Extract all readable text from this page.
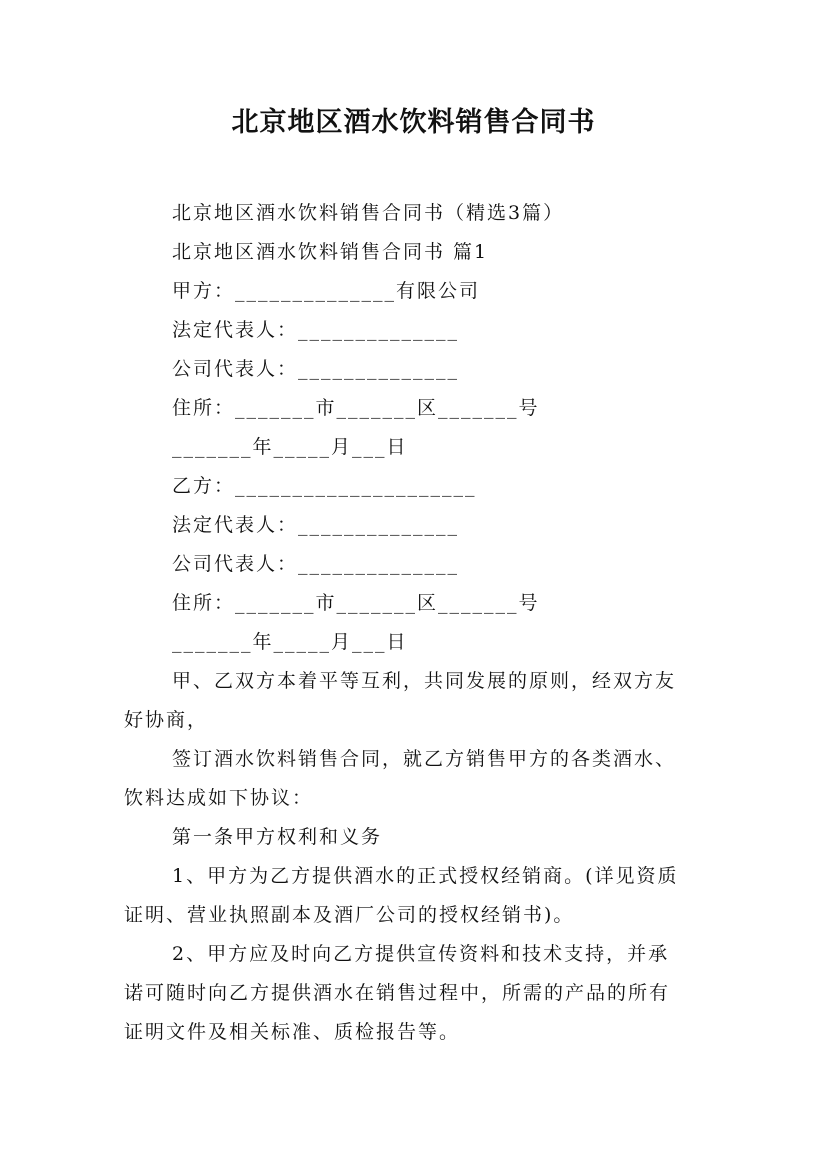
北京地区酒水饮料销售合同书
北京地区酒水饮料销售合同书（精选3篇）
北京地区酒水饮料销售合同书 篇1
甲方：______________有限公司
法定代表人：______________
公司代表人：______________
住所：_______市_______区_______号
_______年_____月___日
乙方：_____________________
法定代表人：______________
公司代表人：______________
住所：_______市_______区_______号
_______年_____月___日
甲、乙双方本着平等互利，共同发展的原则，经双方友
好协商，
签订酒水饮料销售合同，就乙方销售甲方的各类酒水、
饮料达成如下协议：
第一条甲方权利和义务
1、甲方为乙方提供酒水的正式授权经销商。(详见资质
证明、营业执照副本及酒厂公司的授权经销书)。
2、甲方应及时向乙方提供宣传资料和技术支持，并承
诺可随时向乙方提供酒水在销售过程中，所需的产品的所有
证明文件及相关标准、质检报告等。
